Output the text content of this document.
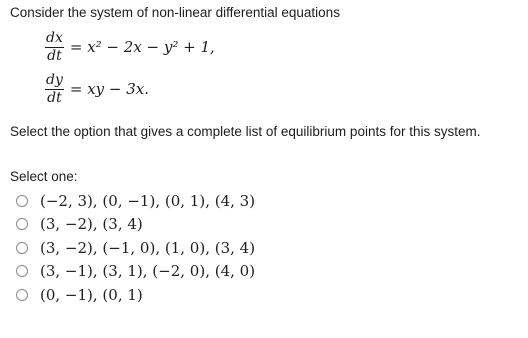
Consider the system of non-linear differential equations
$\frac{dx}{dt} = x^2 - 2x - y^2 + 1$,
$\frac{dy}{dt}$ = xy − 3x.
Select the option that gives a complete list of equilibrium points for this system.
Select one:
(−2, 3), (0, −1), (0, 1), (4, 3)
(3, −2), (3, 4)
(3, −2), (−1, 0), (1, 0), (3, 4)
(3, −1), (3, 1), (−2, 0), (4, 0)
(0, −1), (0, 1)
